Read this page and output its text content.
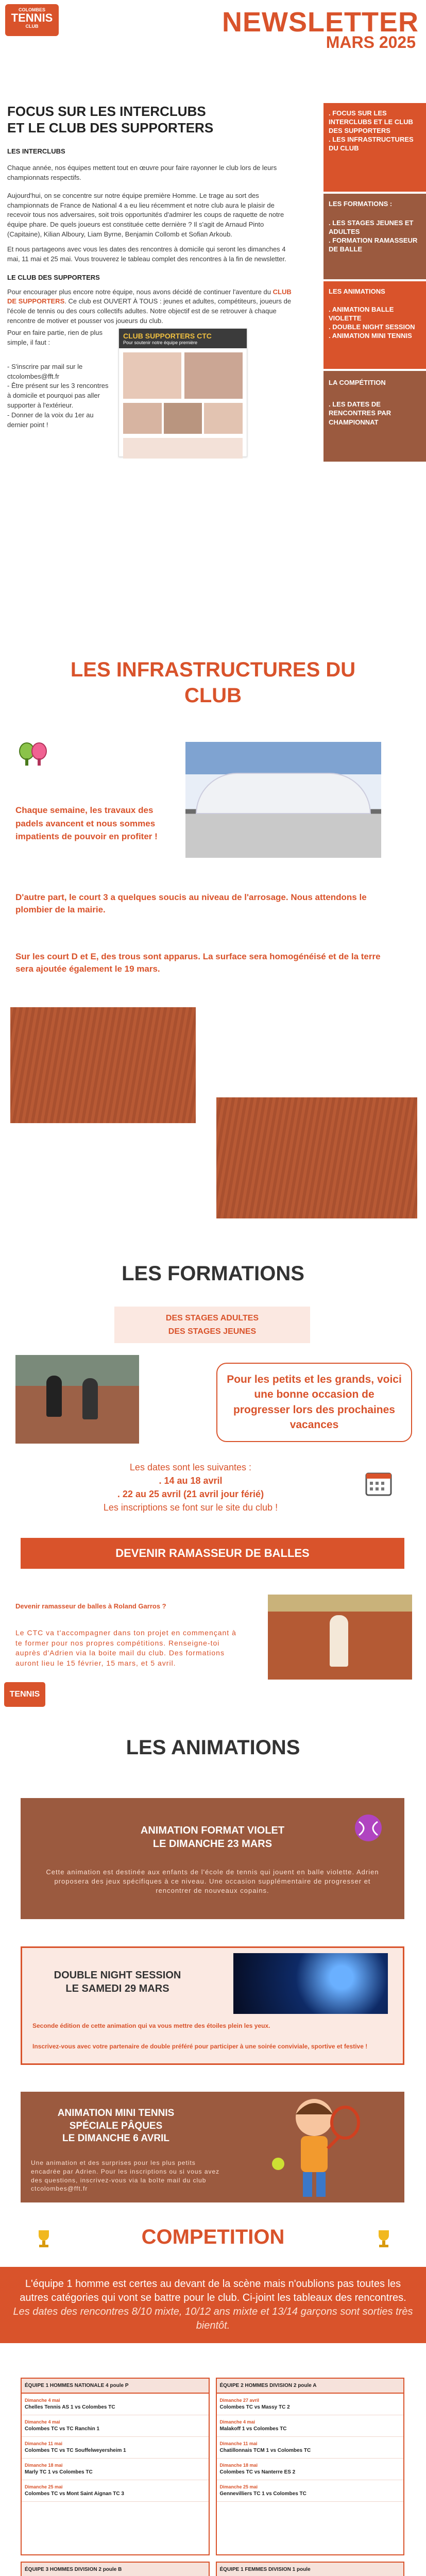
COLOMBES
TENNIS
CLUB	NEWSLETTER
MARS 2025
FOCUS SUR LES INTERCLUBS
ET LE CLUB DES SUPPORTERS
LES INTERCLUBS

Chaque année, nos équipes mettent tout en œuvre pour faire rayonner le club lors de leurs championnats respectifs.

Aujourd'hui, on se concentre sur notre équipe première Homme. Le trage au sort des championnats de France de National 4 a eu lieu récemment et notre club aura le plaisir de recevoir tous nos adversaires, soit trois opportunités d'admirer les coups de raquette de notre équipe phare. De quels joueurs est constituée cette dernière ? Il s'agit de Arnaud Pinto (Capitaine), Kilian Alboury, Liam Byrne, Benjamin Collomb et Sofian Arkoub.

Et nous partageons avec vous les dates des rencontres à domicile qui seront les dimanches 4 mai, 11 mai et 25 mai. Vous trouverez le tableau complet des rencontres à la fin de newsletter.

LE CLUB DES SUPPORTERS

Pour encourager plus encore notre équipe, nous avons décidé de continuer l'aventure du CLUB DE SUPPORTERS. Ce club est OUVERT À TOUS : jeunes et adultes, compétiteurs, joueurs de l'école de tennis ou des cours collectifs adultes. Notre objectif est de se retrouver à chaque rencontre de motiver et pousser vos joueurs du club.

Pour en faire partie, rien de plus simple, il faut :

- S'inscrire par mail sur le ctcolombes@fft.fr

- Être présent sur les 3 rencontres à domicile et pourquoi pas aller supporter à l'extérieur.

- Donner de la voix du 1er au dernier point !

CLUB SUPPORTERS CTC
Pour soutenir notre équipe première
. FOCUS SUR LES INTERCLUBS ET LE CLUB DES SUPPORTERS
. LES INFRASTRUCTURES DU CLUB
LES FORMATIONS :
. LES STAGES JEUNES ET ADULTES
. FORMATION RAMASSEUR DE BALLE
LES ANIMATIONS
. ANIMATION BALLE VIOLETTE
. DOUBLE NIGHT SESSION
. ANIMATION MINI TENNIS
LA COMPÉTITION
. LES DATES DE RENCONTRES PAR CHAMPIONNAT
LES INFRASTRUCTURES DU
CLUB
Chaque semaine, les travaux des padels avancent et nous sommes impatients de pouvoir en profiter !
D'autre part, le court 3 a quelques soucis au niveau de l'arrosage. Nous attendons le plombier de la mairie.
Sur les court D et E, des trous sont apparus. La surface sera homogénéisé et de la terre sera ajoutée également le 19 mars.
LES FORMATIONS
DES STAGES ADULTES
DES STAGES JEUNES
Pour les petits et les grands, voici une bonne occasion de progresser lors des prochaines vacances
Les dates sont les suivantes :
. 14 au 18 avril
. 22 au 25 avril (21 avril jour férié)
Les inscriptions se font sur le site du club !
DEVENIR RAMASSEUR DE BALLES
Devenir ramasseur de balles à Roland Garros ?
Le CTC va t'accompagner dans ton projet en commençant à te former pour nos propres compétitions. Renseigne-toi auprès d'Adrien via la boite mail du club. Des formations auront lieu le 15 février, 15 mars, et 5 avril.
TENNIS
LES ANIMATIONS
ANIMATION FORMAT VIOLET
LE DIMANCHE 23 MARS
Cette animation est destinée aux enfants de l'école de tennis qui jouent en balle violette. Adrien proposera des jeux spécifiques à ce niveau. Une occasion supplémentaire de progresser et rencontrer de nouveaux copains.
DOUBLE NIGHT SESSION
LE SAMEDI 29 MARS
Seconde édition de cette animation qui va vous mettre des étoiles plein les yeux.
Inscrivez-vous avec votre partenaire de double préféré pour participer à une soirée conviviale, sportive et festive !
ANIMATION MINI TENNIS
SPÉCIALE PÂQUES
LE DIMANCHE 6 AVRIL
Une animation et des surprises pour les plus petits encadrée par Adrien. Pour les inscriptions ou si vous avez des questions, inscrivez-vous via la boîte mail du club ctcolombes@fft.fr
COMPETITION
L'équipe 1 homme est certes au devant de la scène mais n'oublions pas toutes les autres catégories qui vont se battre pour le club. Ci-joint les tableaux des rencontres. Les dates des rencontres 8/10 mixte, 10/12 ans mixte et 13/14 garçons sont sorties très bientôt.
ÉQUIPE 1 HOMMES NATIONALE 4 poule P
Dimanche 4 mai
Chelles Tennis AS 1 vs Colombes TC
Dimanche 4 mai
Colombes TC vs TC Ranchin 1
Dimanche 11 mai
Colombes TC vs TC Souffelweyersheim 1
Dimanche 18 mai
Marly TC 1 vs Colombes TC
Dimanche 25 mai
Colombes TC vs Mont Saint Aignan TC 3
ÉQUIPE 2 HOMMES DIVISION 2 poule A
Dimanche 27 avril
Colombes TC vs Massy TC 2
Dimanche 4 mai
Malakoff 1 vs Colombes TC
Dimanche 11 mai
Chatillonnais TCM 1 vs Colombes TC
Dimanche 18 mai
Colombes TC vs Nanterre ES 2
Dimanche 25 mai
Gennevilliers TC 1 vs Colombes TC
ÉQUIPE 3 HOMMES DIVISION 2 poule B	ÉQUIPE 1 FEMMES DIVISION 1 poule
